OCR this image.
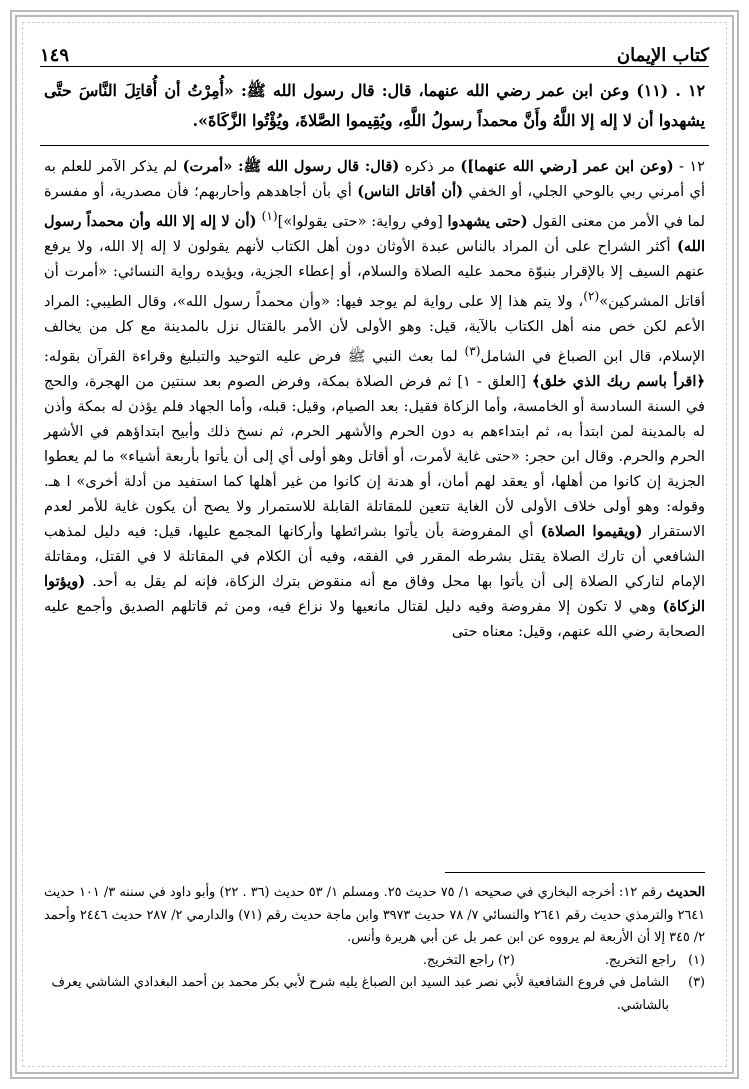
كتاب الإيمان
١٤٩

١٢ . (١١) وعن ابن عمر رضي الله عنهما، قال: قال رسول الله ﷺ: «أُمِرْتُ أن أُقاتِلَ النَّاسَ حتَّى يشهدوا أن لا إله إلا اللَّهُ وأَنَّ محمداً رسولُ اللَّهِ، ويُقِيموا الصَّلاةَ، ويُؤْتُوا الزَّكَاةَ».

١٢ - (وعن ابن عمر [رضي الله عنهما]) مر ذكره (قال: قال رسول الله ﷺ: «أمرت) لم يذكر الآمر للعلم به أي أمرني ربي بالوحي الجلي، أو الخفي (أن أقاتل الناس) أي بأن أجاهدهم وأحاربهم؛ فأن مصدرية، أو مفسرة لما في الأمر من معنى القول (حتى يشهدوا [وفي رواية: «حتى يقولوا»]$^{(١)}$ (أن لا إله إلا الله وأن محمداً رسول الله) أكثر الشراح على أن المراد بالناس عبدة الأوثان دون أهل الكتاب لأنهم يقولون لا إله إلا الله، ولا يرفع عنهم السيف إلا بالإقرار بنبوّة محمد عليه الصلاة والسلام، أو إعطاء الجزية، ويؤيده رواية النسائي: «أمرت أن أقاتل المشركين»$^{(٢)}$، ولا يتم هذا إلا على رواية لم يوجد فيها: «وأن محمداً رسول الله»، وقال الطيبي: المراد الأعم لكن خص منه أهل الكتاب بالآية، قيل: وهو الأولى لأن الأمر بالقتال نزل بالمدينة مع كل من يخالف الإسلام، قال ابن الصباغ في الشامل$^{(٣)}$ لما بعث النبي ﷺ فرض عليه التوحيد والتبليغ وقراءة القرآن بقوله: ﴿اقرأ باسم ربك الذي خلق﴾ [العلق - ١] ثم فرض الصلاة بمكة، وفرض الصوم بعد سنتين من الهجرة، والحج في السنة السادسة أو الخامسة، وأما الزكاة فقيل: بعد الصيام، وقيل: قبله، وأما الجهاد فلم يؤذن له بمكة وأذن له بالمدينة لمن ابتدأ به، ثم ابتداءهم به دون الحرم والأشهر الحرم، ثم نسخ ذلك وأبيح ابتداؤهم في الأشهر الحرم والحرم. وقال ابن حجر: «حتى غاية لأمرت، أو أقاتل وهو أولى أي إلى أن يأتوا بأربعة أشياء» ما لم يعطوا الجزية إن كانوا من أهلها، أو يعقد لهم أمان، أو هدنة إن كانوا من غير أهلها كما استفيد من أدلة أخرى» ا هـ. وقوله: وهو أولى خلاف الأولى لأن الغاية تتعين للمقاتلة القابلة للاستمرار ولا يصح أن يكون غاية للأمر لعدم الاستقرار (ويقيموا الصلاة) أي المفروضة بأن يأتوا بشرائطها وأركانها المجمع عليها، قيل: فيه دليل لمذهب الشافعي أن تارك الصلاة يقتل بشرطه المقرر في الفقه، وفيه أن الكلام في المقاتلة لا في القتل، ومقاتلة الإمام لتاركي الصلاة إلى أن يأتوا بها محل وفاق مع أنه منقوض بترك الزكاة، فإنه لم يقل به أحد. (ويؤتوا الزكاة) وهي لا تكون إلا مفروضة وفيه دليل لقتال مانعيها ولا نزاع فيه، ومن ثم قاتلهم الصديق وأجمع عليه الصحابة رضي الله عنهم، وقيل: معناه حتى

الحديث رقم ١٢: أخرجه البخاري في صحيحه ١/ ٧٥ حديث ٢٥. ومسلم ١/ ٥٣ حديث (٣٦ . ٢٢) وأبو داود في سننه ٣/ ١٠١ حديث ٢٦٤١ والترمذي حديث رقم ٢٦٤١ والنسائي ٧/ ٧٨ حديث ٣٩٧٣ وابن ماجة حديث رقم (٧١) والدارمي ٢/ ٢٨٧ حديث ٢٤٤٦ وأحمد ٢/ ٣٤٥ إلا أن الأربعة لم يرووه عن ابن عمر بل عن أبي هريرة وأنس.

(١)   راجع التخريج.
(٢) راجع التخريج.
(٣)
الشامل في فروع الشافعية لأبي نصر عبد السيد ابن الصباغ يليه شرح لأبي بكر محمد بن أحمد البغدادي الشاشي يعرف بالشاشي.
